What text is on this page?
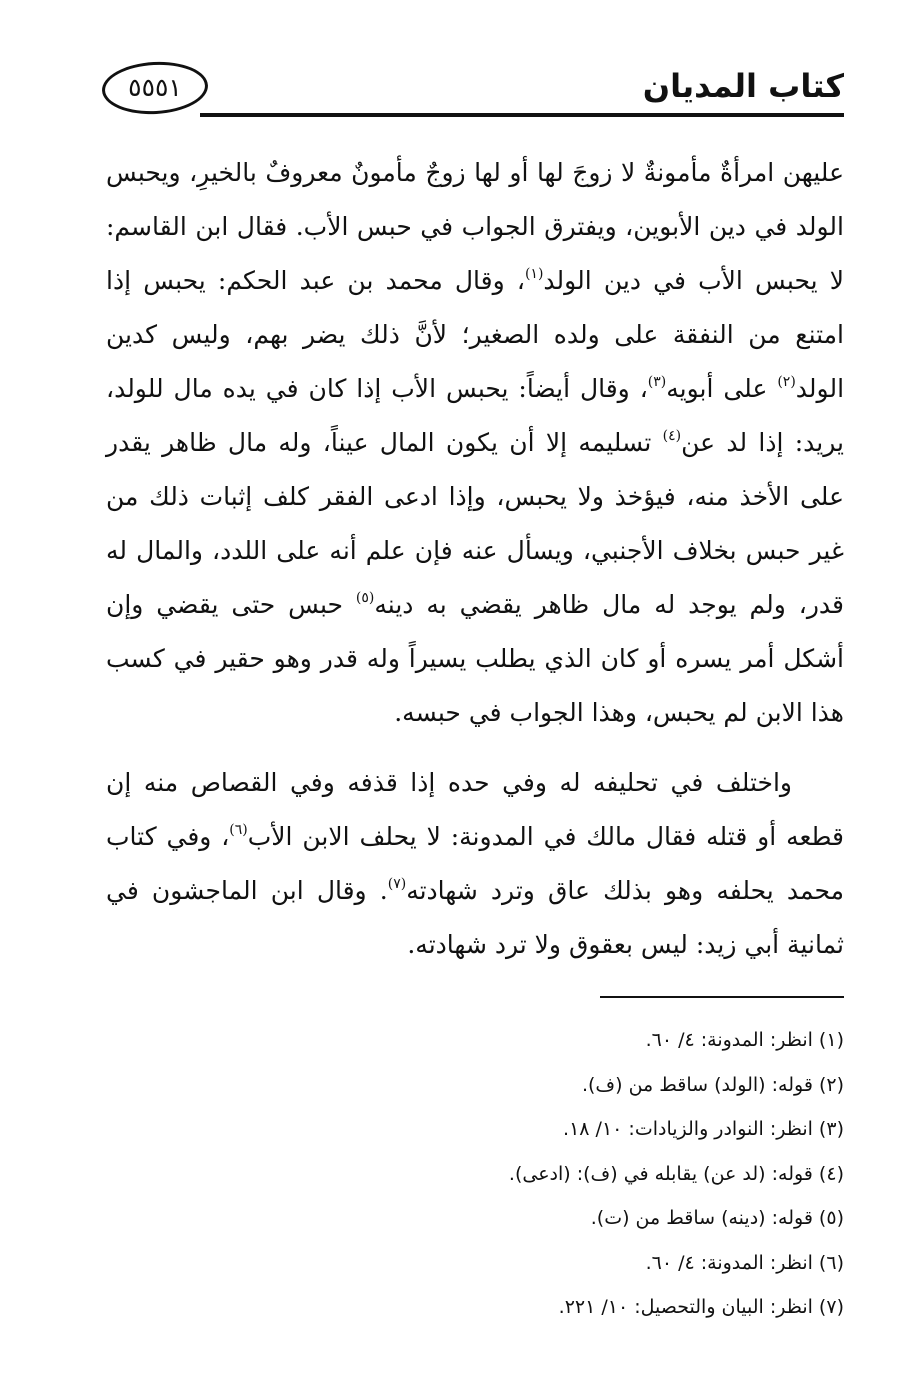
كتاب المديان
٥٥٥١
عليهن امرأةٌ مأمونةٌ لا زوجَ لها أو لها زوجٌ مأمونٌ معروفٌ بالخيرِ، ويحبس الولد في دين الأبوين، ويفترق الجواب في حبس الأب. فقال ابن القاسم: لا يحبس الأب في دين الولد$^{(١)}$، وقال محمد بن عبد الحكم: يحبس إذا امتنع من النفقة على ولده الصغير؛ لأنَّ ذلك يضر بهم، وليس كدين الولد$^{(٢)}$ على أبويه$^{(٣)}$، وقال أيضاً: يحبس الأب إذا كان في يده مال للولد، يريد: إذا لد عن$^{(٤)}$ تسليمه إلا أن يكون المال عيناً، وله مال ظاهر يقدر على الأخذ منه، فيؤخذ ولا يحبس، وإذا ادعى الفقر كلف إثبات ذلك من غير حبس بخلاف الأجنبي، ويسأل عنه فإن علم أنه على اللدد، والمال له قدر، ولم يوجد له مال ظاهر يقضي به دينه$^{(٥)}$ حبس حتى يقضي وإن أشكل أمر يسره أو كان الذي يطلب يسيراً وله قدر وهو حقير في كسب هذا الابن لم يحبس، وهذا الجواب في حبسه.
واختلف في تحليفه له وفي حده إذا قذفه وفي القصاص منه إن قطعه أو قتله فقال مالك في المدونة: لا يحلف الابن الأب$^{(٦)}$، وفي كتاب محمد يحلفه وهو بذلك عاق وترد شهادته$^{(٧)}$. وقال ابن الماجشون في ثمانية أبي زيد: ليس بعقوق ولا ترد شهادته.
(١) انظر: المدونة: ٤/ ٦٠.
(٢) قوله: (الولد) ساقط من (ف).
(٣) انظر: النوادر والزيادات: ١٠/ ١٨.
(٤) قوله: (لد عن) يقابله في (ف): (ادعى).
(٥) قوله: (دينه) ساقط من (ت).
(٦) انظر: المدونة: ٤/ ٦٠.
(٧) انظر: البيان والتحصيل: ١٠/ ٢٢١.
